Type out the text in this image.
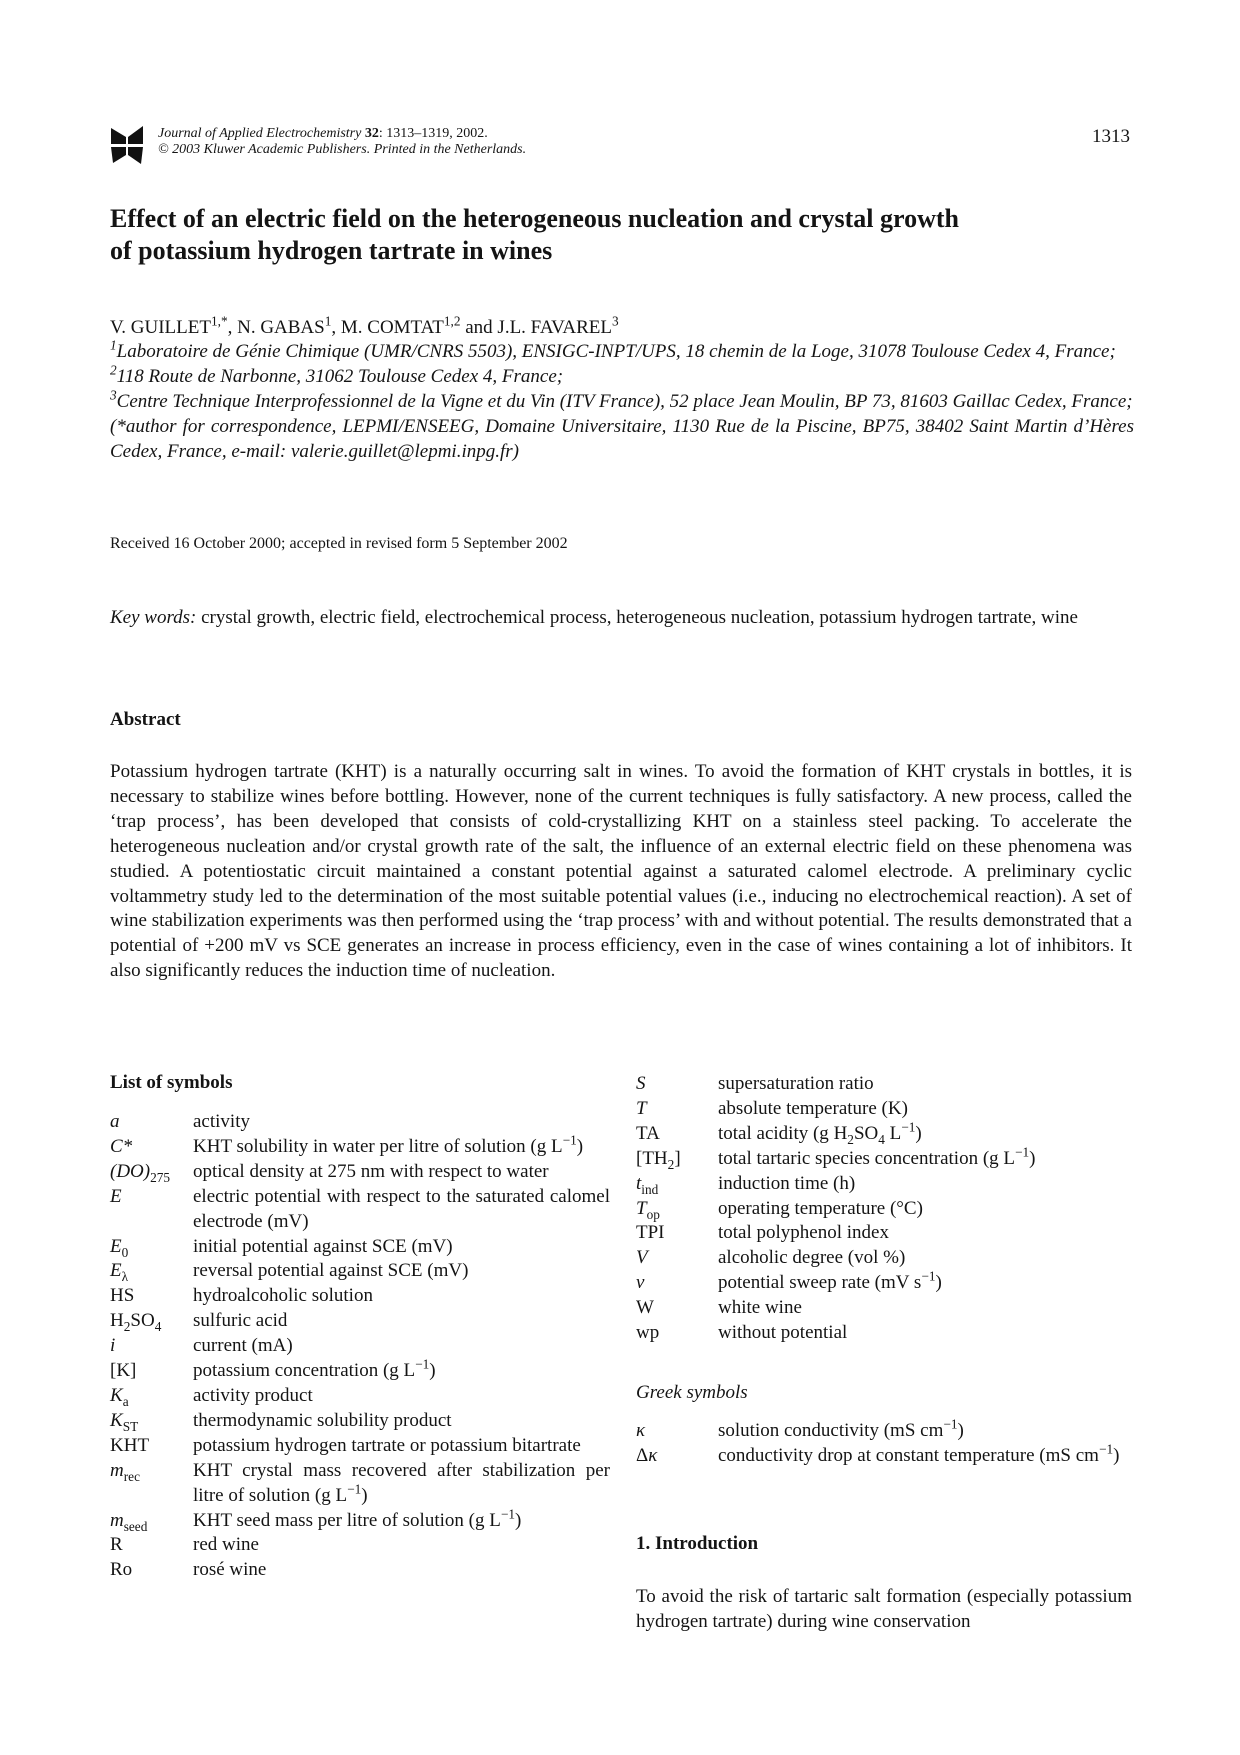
Journal of Applied Electrochemistry 32: 1313–1319, 2002.
© 2003 Kluwer Academic Publishers. Printed in the Netherlands.
1313
Effect of an electric field on the heterogeneous nucleation and crystal growth
of potassium hydrogen tartrate in wines
V. $GUILLET^{1,*}$, N. GABAS$^1$, M. COMTAT$^{1,2}$ and J.L. FAVAREL$^3$

$^1$Laboratoire de Génie Chimique (UMR/CNRS 5503), ENSIGC-INPT/UPS, 18 chemin de la Loge, 31078 Toulouse Cedex 4, France;

$^2$118 Route de Narbonne, 31062 Toulouse Cedex 4, France;

$^3$Centre Technique Interprofessionnel de la Vigne et du Vin (ITV France), 52 place Jean Moulin, BP 73, 81603 Gaillac Cedex, France;

(*author for correspondence, LEPMI/ENSEEG, Domaine Universitaire, 1130 Rue de la Piscine, BP75, 38402 Saint Martin d’Hères Cedex, France, e-mail: valerie.guillet@lepmi.inpg.fr)

Received 16 October 2000; accepted in revised form 5 September 2002
Key words: crystal growth, electric field, electrochemical process, heterogeneous nucleation, potassium hydrogen tartrate, wine
Abstract
Potassium hydrogen tartrate (KHT) is a naturally occurring salt in wines. To avoid the formation of KHT crystals in bottles, it is necessary to stabilize wines before bottling. However, none of the current techniques is fully satisfactory. A new process, called the ‘trap process’, has been developed that consists of cold-crystallizing KHT on a stainless steel packing. To accelerate the heterogeneous nucleation and/or crystal growth rate of the salt, the influence of an external electric field on these phenomena was studied. A potentiostatic circuit maintained a constant potential against a saturated calomel electrode. A preliminary cyclic voltammetry study led to the determination of the most suitable potential values (i.e., inducing no electrochemical reaction). A set of wine stabilization experiments was then performed using the ‘trap process’ with and without potential. The results demonstrated that a potential of +200 mV vs SCE generates an increase in process efficiency, even in the case of wines containing a lot of inhibitors. It also significantly reduces the induction time of nucleation.
List of symbols
a	activity
C*	KHT solubility in water per litre of solution (g $L^{-1}$)
$(DO)_{275}$	optical density at 275 nm with respect to water
E	electric potential with respect to the saturated calomel electrode (mV)
$E_0$	initial potential against SCE (mV)
$E_\lambda$	reversal potential against SCE (mV)
HS	hydroalcoholic solution
$H_2SO_4$	sulfuric acid
i	current (mA)
[K]	potassium concentration (g $L^{-1}$)
$K_a$	activity product
$K_{ST}$	thermodynamic solubility product
KHT	potassium hydrogen tartrate or potassium bitartrate
$m_{rec}$	KHT crystal mass recovered after stabilization per litre of solution (g $L^{-1}$)
$m_{seed}$	KHT seed mass per litre of solution (g $L^{-1}$)
R	red wine
Ro	rosé wine
S	supersaturation ratio
T	absolute temperature (K)
TA	total acidity (g $H_2SO_4$ $L^{-1}$)
$[TH_2]$	total tartaric species concentration (g $L^{-1}$)
$t_{ind}$	induction time (h)
$T_{op}$	operating temperature (°C)
TPI	total polyphenol index
V	alcoholic degree (vol %)
v	potential sweep rate (mV $s^{-1}$)
W	white wine
wp	without potential
Greek symbols
κ	solution conductivity (mS $cm^{-1}$)
Δκ	conductivity drop at constant temperature (mS $cm^{-1}$)
1. Introduction
To avoid the risk of tartaric salt formation (especially potassium hydrogen tartrate) during wine conservation
